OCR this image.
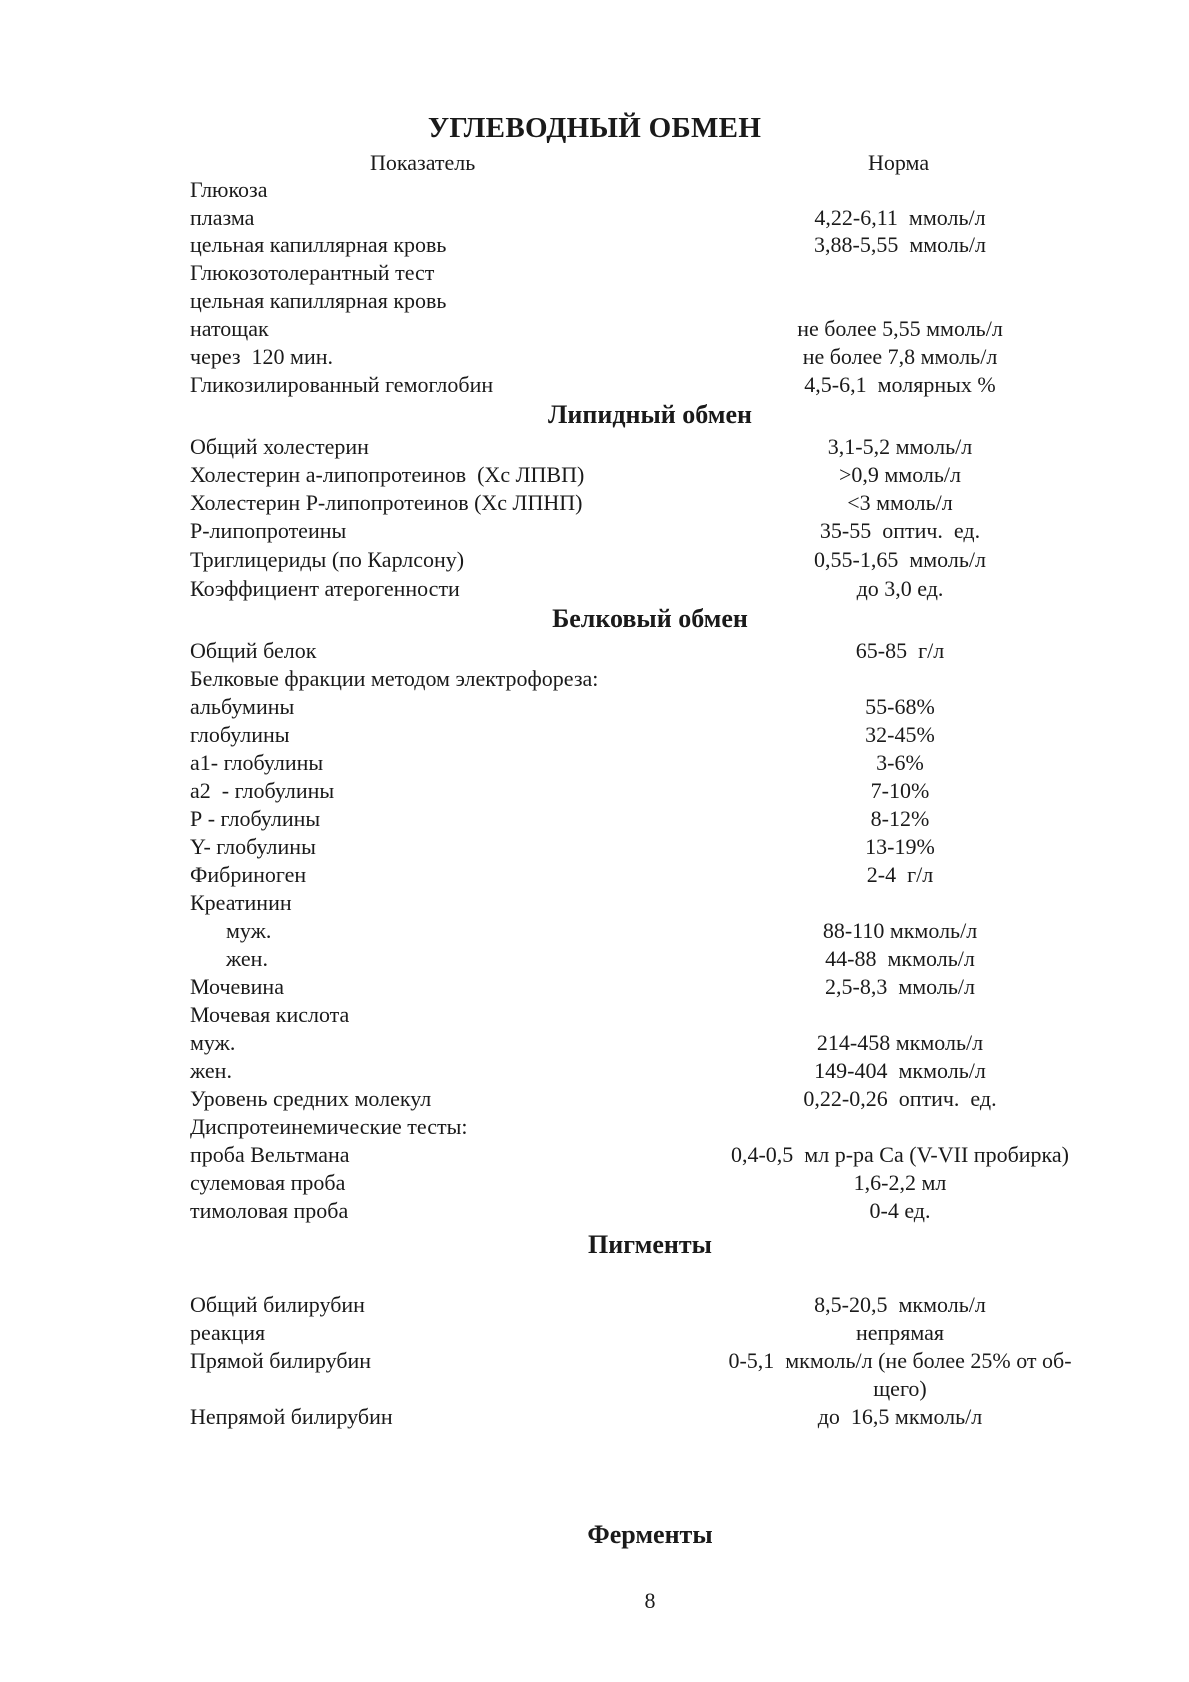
УГЛЕВОДНЫЙ ОБМЕН
Показатель	Норма
Глюкоза
плазма	4,22-6,11  ммоль/л
цельная капиллярная кровь	3,88-5,55  ммоль/л
Глюкозотолерантный тест
цельная капиллярная кровь
натощак	не более 5,55 ммоль/л
через  120 мин.	не более 7,8 ммоль/л
Гликозилированный гемоглобин	4,5-6,1  молярных %
Липидный обмен
Общий холестерин	3,1-5,2 ммоль/л
Холестерин а-липопротеинов  (Хс ЛПВП)	>0,9 ммоль/л
Холестерин Р-липопротеинов (Хс ЛПНП)	<3 ммоль/л
Р-липопротеины	35-55  оптич.  ед.
Триглицериды (по Карлсону)	0,55-1,65  ммоль/л
Коэффициент атерогенности	до 3,0 ед.
Белковый обмен
Общий белок	65-85  г/л
Белковые фракции методом электрофореза:
альбумины	55-68%
глобулины	32-45%
а1- глобулины	3-6%
a2  - глобулины	7-10%
Р - глобулины	8-12%
Y- глобулины	13-19%
Фибриноген	2-4  г/л
Креатинин
муж.	88-110 мкмоль/л
жен.	44-88  мкмоль/л
Мочевина	2,5-8,3  ммоль/л
Мочевая кислота
муж.	214-458 мкмоль/л
жен.	149-404  мкмоль/л
Уровень средних молекул	0,22-0,26  оптич.  ед.
Диспротеинемические тесты:
проба Вельтмана	0,4-0,5  мл р-ра Са (V-VII пробирка)
сулемовая проба	1,6-2,2 мл
тимоловая проба	0-4 ед.
Пигменты
Общий билирубин	8,5-20,5  мкмоль/л
реакция	непрямая
Прямой билирубин	0-5,1  мкмоль/л (не более 25% от об-
щего)
Непрямой билирубин	до  16,5 мкмоль/л
Ферменты
8
